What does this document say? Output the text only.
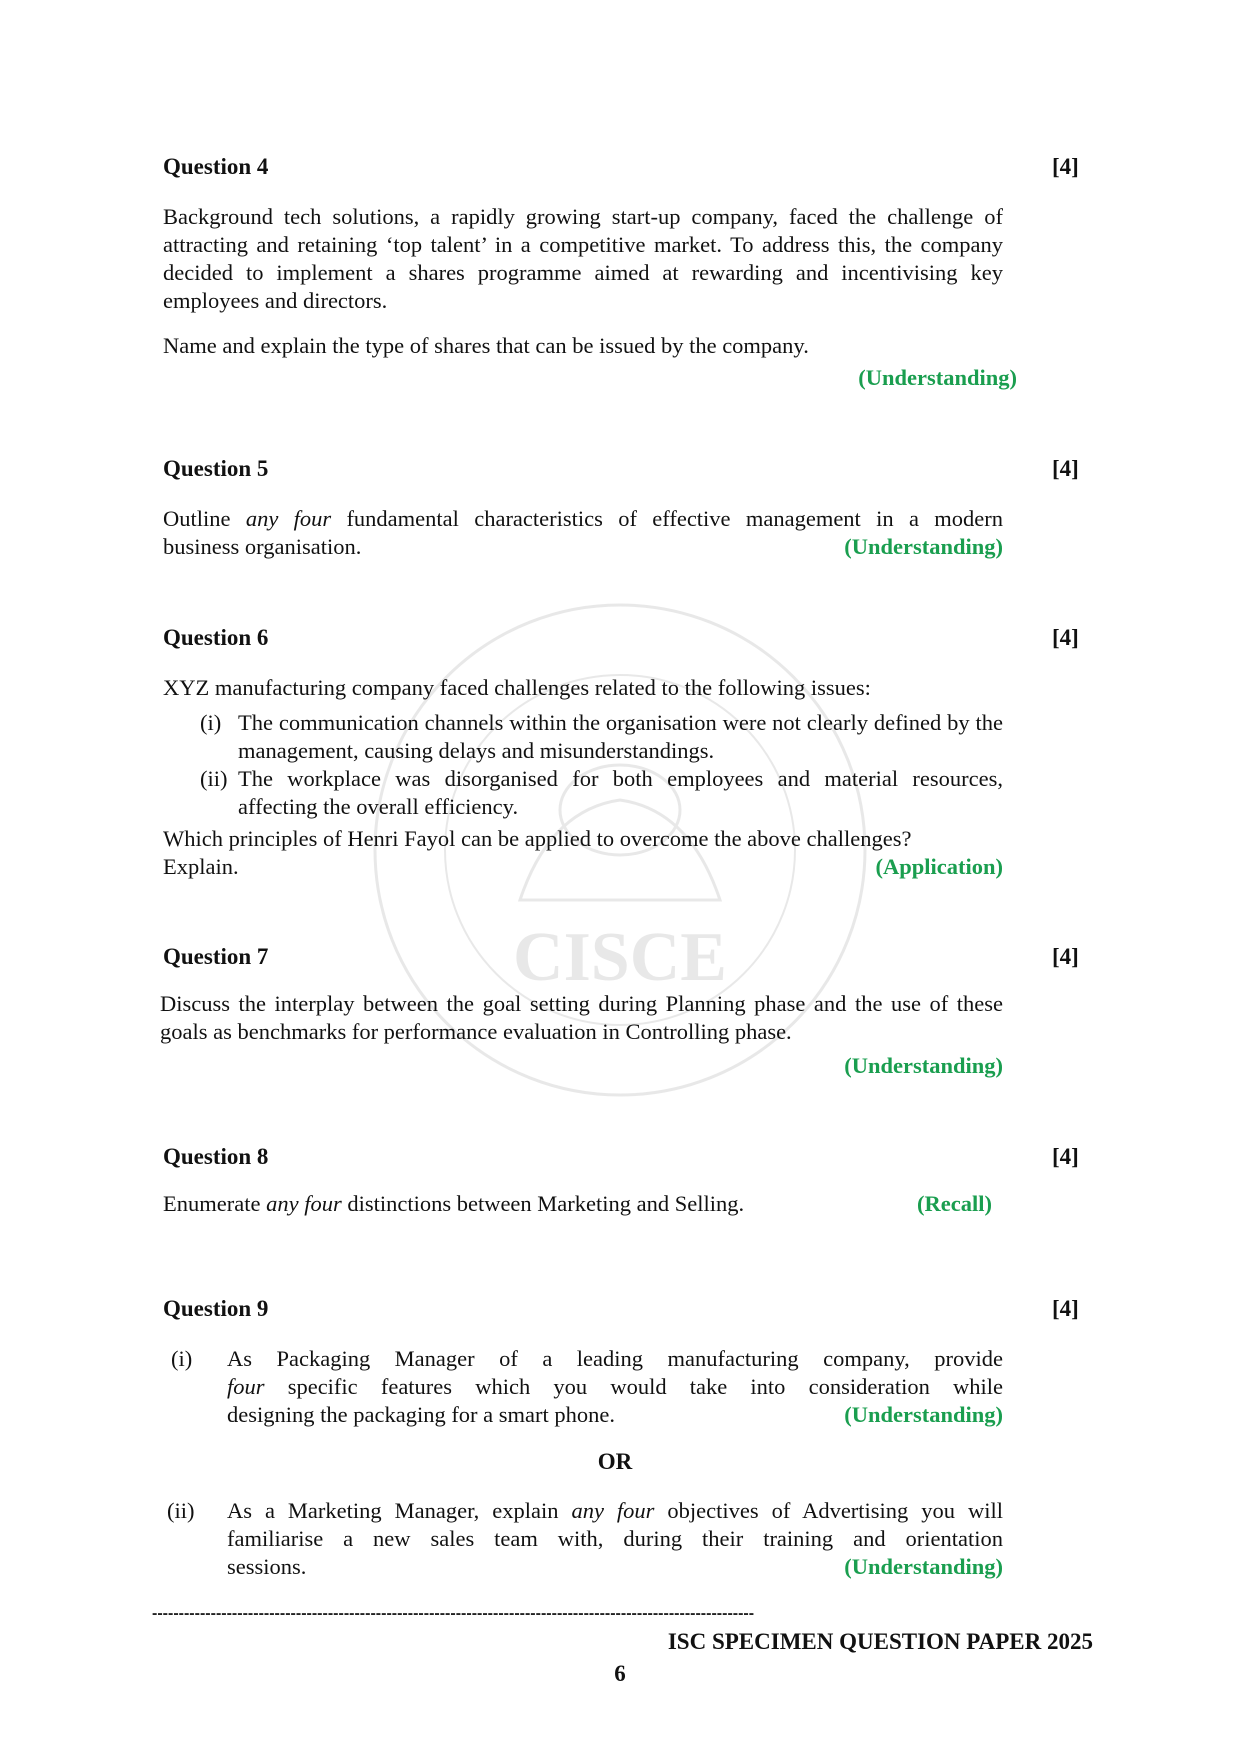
CISCE
Question 4	[4]
Background tech solutions, a rapidly growing start-up company, faced the challenge of attracting and retaining ‘top talent’ in a competitive market. To address this, the company decided to implement a shares programme aimed at rewarding and incentivising key employees and directors.
Name and explain the type of shares that can be issued by the company.
(Understanding)
Question 5	[4]
Outline any four fundamental characteristics of effective management in a modern
business organisation.	(Understanding)
Question 6	[4]
XYZ manufacturing company faced challenges related to the following issues:
(i) The communication channels within the organisation were not clearly defined by the management, causing delays and misunderstandings.
(ii) The workplace was disorganised for both employees and material resources, affecting the overall efficiency.
Which principles of Henri Fayol can be applied to overcome the above challenges?
Explain.	(Application)
Question 7	[4]
Discuss the interplay between the goal setting during Planning phase and the use of these goals as benchmarks for performance evaluation in Controlling phase.
(Understanding)
Question 8	[4]
Enumerate any four distinctions between Marketing and Selling.	(Recall)
Question 9	[4]
(i) As Packaging Manager of a leading manufacturing company, provide
four specific features which you would take into consideration while
designing the packaging for a smart phone.	(Understanding)
OR
(ii) As a Marketing Manager, explain any four objectives of Advertising you will
familiarise a new sales team with, during their training and orientation
sessions.	(Understanding)
-----------------------------------------------------------------------------------------------------------------
ISC SPECIMEN QUESTION PAPER 2025
6
